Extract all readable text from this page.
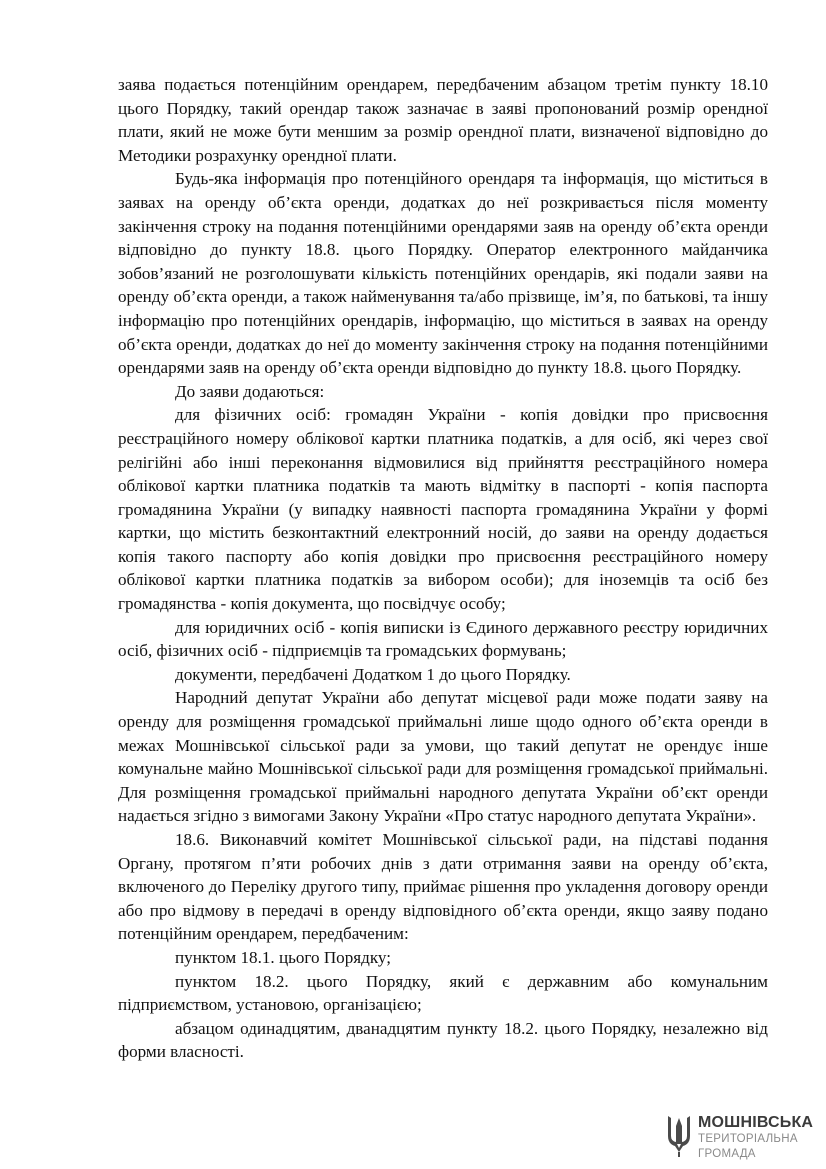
заява подається потенційним орендарем, передбаченим абзацом третім пункту 18.10 цього Порядку, такий орендар також зазначає в заяві пропонований розмір орендної плати, який не може бути меншим за розмір орендної плати, визначеної відповідно до Методики розрахунку орендної плати.

Будь-яка інформація про потенційного орендаря та інформація, що міститься в заявах на оренду об’єкта оренди, додатках до неї розкривається після моменту закінчення строку на подання потенційними орендарями заяв на оренду об’єкта оренди відповідно до пункту 18.8. цього Порядку. Оператор електронного майданчика зобов’язаний не розголошувати кількість потенційних орендарів, які подали заяви на оренду об’єкта оренди, а також найменування та/або прізвище, ім’я, по батькові, та іншу інформацію про потенційних орендарів, інформацію, що міститься в заявах на оренду об’єкта оренди, додатках до неї до моменту закінчення строку на подання потенційними орендарями заяв на оренду об’єкта оренди відповідно до пункту 18.8. цього Порядку.

До заяви додаються:

для фізичних осіб: громадян України - копія довідки про присвоєння реєстраційного номеру облікової картки платника податків, а для осіб, які через свої релігійні або інші переконання відмовилися від прийняття реєстраційного номера облікової картки платника податків та мають відмітку в паспорті - копія паспорта громадянина України (у випадку наявності паспорта громадянина України у формі картки, що містить безконтактний електронний носій, до заяви на оренду додається копія такого паспорту або копія довідки про присвоєння реєстраційного номеру облікової картки платника податків за вибором особи); для іноземців та осіб без громадянства - копія документа, що посвідчує особу;

для юридичних осіб - копія виписки із Єдиного державного реєстру юридичних осіб, фізичних осіб - підприємців та громадських формувань;

документи, передбачені Додатком 1 до цього Порядку.

Народний депутат України або депутат місцевої ради може подати заяву на оренду для розміщення громадської приймальні лише щодо одного об’єкта оренди в межах Мошнівської сільської ради за умови, що такий депутат не орендує інше комунальне майно Мошнівської сільської ради для розміщення громадської приймальні. Для розміщення громадської приймальні народного депутата України об’єкт оренди надається згідно з вимогами Закону України «Про статус народного депутата України».

18.6. Виконавчий комітет Мошнівської сільської ради, на підставі подання Органу, протягом п’яти робочих днів з дати отримання заяви на оренду об’єкта, включеного до Переліку другого типу, приймає рішення про укладення договору оренди або про відмову в передачі в оренду відповідного об’єкта оренди, якщо заяву подано потенційним орендарем, передбаченим:

пунктом 18.1. цього Порядку;

пунктом 18.2. цього Порядку, який є державним або комунальним підприємством, установою, організацією;

абзацом одинадцятим, дванадцятим пункту 18.2. цього Порядку, незалежно від форми власності.

МОШНІВСЬКА
ТЕРИТОРІАЛЬНА
ГРОМАДА
